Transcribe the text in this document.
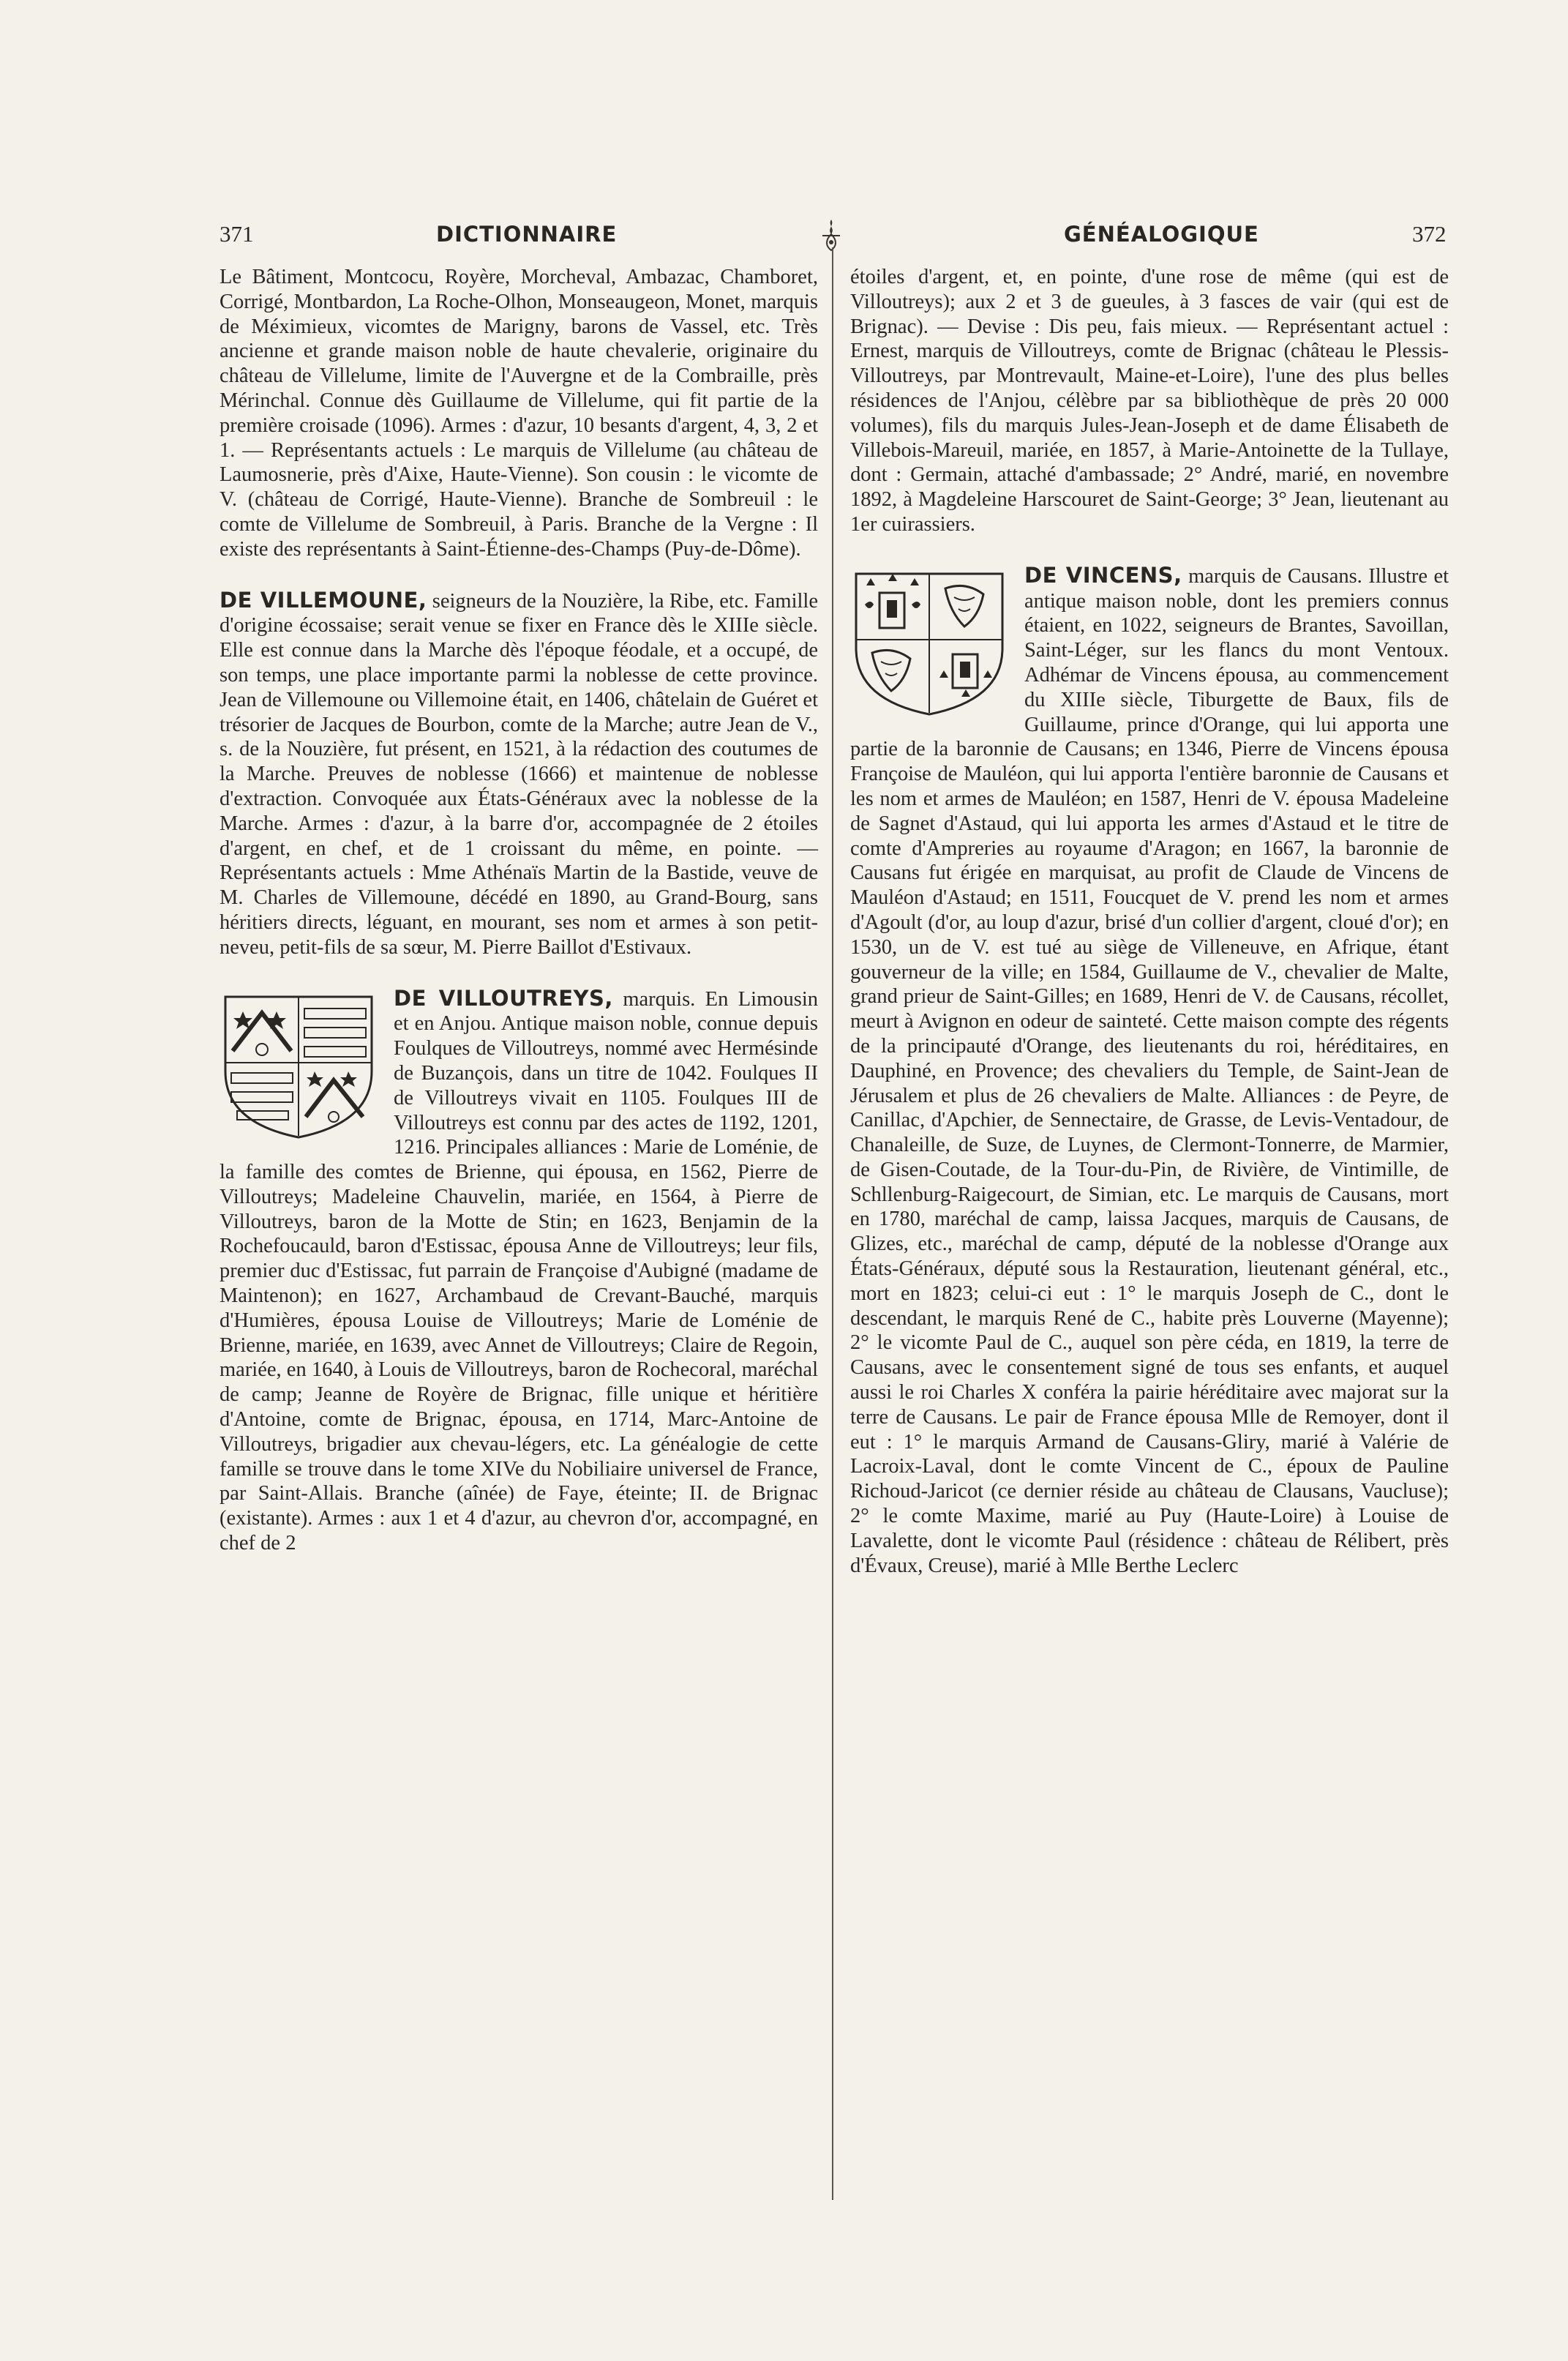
371	DICTIONNAIRE	GÉNÉALOGIQUE	372

Le Bâtiment, Montcocu, Royère, Morcheval, Ambazac, Chamboret, Corrigé, Montbardon, La Roche-Olhon, Monseaugeon, Monet, marquis de Méximieux, vicomtes de Marigny, barons de Vassel, etc. Très ancienne et grande maison noble de haute chevalerie, originaire du château de Villelume, limite de l'Auvergne et de la Combraille, près Mérinchal. Connue dès Guillaume de Villelume, qui fit partie de la première croisade (1096). Armes : d'azur, 10 besants d'argent, 4, 3, 2 et 1. — Représentants actuels : Le marquis de Villelume (au château de Laumosnerie, près d'Aixe, Haute-Vienne). Son cousin : le vicomte de V. (château de Corrigé, Haute-Vienne). Branche de Sombreuil : le comte de Villelume de Sombreuil, à Paris. Branche de la Vergne : Il existe des représentants à Saint-Étienne-des-Champs (Puy-de-Dôme).

DE VILLEMOUNE, seigneurs de la Nouzière, la Ribe, etc. Famille d'origine écossaise; serait venue se fixer en France dès le XIIIe siècle. Elle est connue dans la Marche dès l'époque féodale, et a occupé, de son temps, une place importante parmi la noblesse de cette province. Jean de Villemoune ou Villemoine était, en 1406, châtelain de Guéret et trésorier de Jacques de Bourbon, comte de la Marche; autre Jean de V., s. de la Nouzière, fut présent, en 1521, à la rédaction des coutumes de la Marche. Preuves de noblesse (1666) et maintenue de noblesse d'extraction. Convoquée aux États-Généraux avec la noblesse de la Marche. Armes : d'azur, à la barre d'or, accompagnée de 2 étoiles d'argent, en chef, et de 1 croissant du même, en pointe. — Représentants actuels : Mme Athénaïs Martin de la Bastide, veuve de M. Charles de Villemoune, décédé en 1890, au Grand-Bourg, sans héritiers directs, léguant, en mourant, ses nom et armes à son petit-neveu, petit-fils de sa sœur, M. Pierre Baillot d'Estivaux.

DE VILLOUTREYS, marquis. En Limousin et en Anjou. Antique maison noble, connue depuis Foulques de Villoutreys, nommé avec Hermésinde de Buzançois, dans un titre de 1042. Foulques II de Villoutreys vivait en 1105. Foulques III de Villoutreys est connu par des actes de 1192, 1201, 1216. Principales alliances : Marie de Loménie, de la famille des comtes de Brienne, qui épousa, en 1562, Pierre de Villoutreys; Madeleine Chauvelin, mariée, en 1564, à Pierre de Villoutreys, baron de la Motte de Stin; en 1623, Benjamin de la Rochefoucauld, baron d'Estissac, épousa Anne de Villoutreys; leur fils, premier duc d'Estissac, fut parrain de Françoise d'Aubigné (madame de Maintenon); en 1627, Archambaud de Crevant-Bauché, marquis d'Humières, épousa Louise de Villoutreys; Marie de Loménie de Brienne, mariée, en 1639, avec Annet de Villoutreys; Claire de Regoin, mariée, en 1640, à Louis de Villoutreys, baron de Rochecoral, maréchal de camp; Jeanne de Royère de Brignac, fille unique et héritière d'Antoine, comte de Brignac, épousa, en 1714, Marc-Antoine de Villoutreys, brigadier aux chevau-légers, etc. La généalogie de cette famille se trouve dans le tome XIVe du Nobiliaire universel de France, par Saint-Allais. Branche (aînée) de Faye, éteinte; II. de Brignac (existante). Armes : aux 1 et 4 d'azur, au chevron d'or, accompagné, en chef de 2

étoiles d'argent, et, en pointe, d'une rose de même (qui est de Villoutreys); aux 2 et 3 de gueules, à 3 fasces de vair (qui est de Brignac). — Devise : Dis peu, fais mieux. — Représentant actuel : Ernest, marquis de Villoutreys, comte de Brignac (château le Plessis-Villoutreys, par Montrevault, Maine-et-Loire), l'une des plus belles résidences de l'Anjou, célèbre par sa bibliothèque de près 20 000 volumes), fils du marquis Jules-Jean-Joseph et de dame Élisabeth de Villebois-Mareuil, mariée, en 1857, à Marie-Antoinette de la Tullaye, dont : Germain, attaché d'ambassade; 2° André, marié, en novembre 1892, à Magdeleine Harscouret de Saint-George; 3° Jean, lieutenant au 1er cuirassiers.

DE VINCENS, marquis de Causans. Illustre et antique maison noble, dont les premiers connus étaient, en 1022, seigneurs de Brantes, Savoillan, Saint-Léger, sur les flancs du mont Ventoux. Adhémar de Vincens épousa, au commencement du XIIIe siècle, Tiburgette de Baux, fils de Guillaume, prince d'Orange, qui lui apporta une partie de la baronnie de Causans; en 1346, Pierre de Vincens épousa Françoise de Mauléon, qui lui apporta l'entière baronnie de Causans et les nom et armes de Mauléon; en 1587, Henri de V. épousa Madeleine de Sagnet d'Astaud, qui lui apporta les armes d'Astaud et le titre de comte d'Ampreries au royaume d'Aragon; en 1667, la baronnie de Causans fut érigée en marquisat, au profit de Claude de Vincens de Mauléon d'Astaud; en 1511, Foucquet de V. prend les nom et armes d'Agoult (d'or, au loup d'azur, brisé d'un collier d'argent, cloué d'or); en 1530, un de V. est tué au siège de Villeneuve, en Afrique, étant gouverneur de la ville; en 1584, Guillaume de V., chevalier de Malte, grand prieur de Saint-Gilles; en 1689, Henri de V. de Causans, récollet, meurt à Avignon en odeur de sainteté. Cette maison compte des régents de la principauté d'Orange, des lieutenants du roi, héréditaires, en Dauphiné, en Provence; des chevaliers du Temple, de Saint-Jean de Jérusalem et plus de 26 chevaliers de Malte. Alliances : de Peyre, de Canillac, d'Apchier, de Sennectaire, de Grasse, de Levis-Ventadour, de Chanaleille, de Suze, de Luynes, de Clermont-Tonnerre, de Marmier, de Gisen-Coutade, de la Tour-du-Pin, de Rivière, de Vintimille, de Schllenburg-Raigecourt, de Simian, etc. Le marquis de Causans, mort en 1780, maréchal de camp, laissa Jacques, marquis de Causans, de Glizes, etc., maréchal de camp, député de la noblesse d'Orange aux États-Généraux, député sous la Restauration, lieutenant général, etc., mort en 1823; celui-ci eut : 1° le marquis Joseph de C., dont le descendant, le marquis René de C., habite près Louverne (Mayenne); 2° le vicomte Paul de C., auquel son père céda, en 1819, la terre de Causans, avec le consentement signé de tous ses enfants, et auquel aussi le roi Charles X conféra la pairie héréditaire avec majorat sur la terre de Causans. Le pair de France épousa Mlle de Remoyer, dont il eut : 1° le marquis Armand de Causans-Gliry, marié à Valérie de Lacroix-Laval, dont le comte Vincent de C., époux de Pauline Richoud-Jaricot (ce dernier réside au château de Clausans, Vaucluse); 2° le comte Maxime, marié au Puy (Haute-Loire) à Louise de Lavalette, dont le vicomte Paul (résidence : château de Rélibert, près d'Évaux, Creuse), marié à Mlle Berthe Leclerc
